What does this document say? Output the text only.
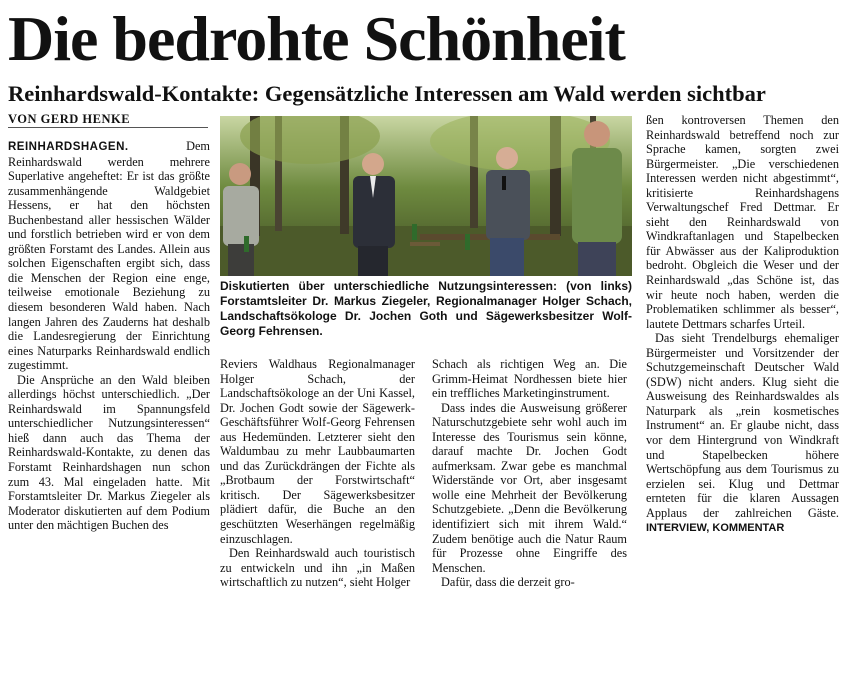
Die bedrohte Schönheit
Reinhardswald-Kontakte: Gegensätzliche Interessen am Wald werden sichtbar
VON GERD HENKE

REINHARDSHAGEN.	Dem Reinhardswald werden mehrere Superlative angeheftet: Er ist das größte zusammenhängende Waldgebiet Hessens, er hat den höchsten Buchenbestand aller hessischen Wälder und forstlich betrieben wird er von dem größten Forstamt des Landes. Allein aus solchen Eigenschaften ergibt sich, dass die Menschen der Region eine enge, teilweise emotionale Beziehung zu diesem besonderen Wald haben. Nach langen Jahren des Zauderns hat deshalb die Landesregierung der Einrichtung eines Naturparks Reinhardswald endlich zugestimmt.

Die Ansprüche an den Wald bleiben allerdings höchst unterschiedlich. „Der Reinhardswald im Spannungsfeld unterschiedlicher Nutzungsinteressen“ hieß dann auch das Thema der Reinhardswald-Kontakte, zu denen das Forstamt Reinhardshagen nun schon zum 43. Mal eingeladen hatte. Mit Forstamtsleiter Dr. Markus Ziegeler als Moderator diskutierten auf dem Podium unter den mächtigen Buchen des

Diskutierten über unterschiedliche Nutzungsinteressen: (von links) Forstamtsleiter Dr. Markus Ziegeler, Regionalmanager Holger Schach, Landschaftsökologe Dr. Jochen Goth und Sägewerksbesitzer Wolf-Georg Fehrensen.

Reviers Waldhaus Regionalmanager Holger Schach, der Landschaftsökologe an der Uni Kassel, Dr. Jochen Godt sowie der Sägewerk-Geschäftsführer Wolf-Georg Fehrensen aus Hedemünden. Letzterer sieht den Waldumbau zu mehr Laubbaumarten und das Zurückdrängen der Fichte als „Brotbaum der Forstwirtschaft“ kritisch. Der Sägewerksbesitzer plädiert dafür, die Buche an den geschützten Weserhängen regelmäßig einzuschlagen.

Den Reinhardswald auch touristisch zu entwickeln und ihn „in Maßen wirtschaftlich zu nutzen“, sieht Holger

Schach als richtigen Weg an. Die Grimm-Heimat Nordhessen biete hier ein treffliches Marketinginstrument.

Dass indes die Ausweisung größerer Naturschutzgebiete sehr wohl auch im Interesse des Tourismus sein könne, darauf machte Dr. Jochen Godt aufmerksam. Zwar gebe es manchmal Widerstände vor Ort, aber insgesamt wolle eine Mehrheit der Bevölkerung Schutzgebiete. „Denn die Bevölkerung identifiziert sich mit ihrem Wald.“ Zudem benötige auch die Natur Raum für Prozesse ohne Eingriffe des Menschen.

Dafür, dass die derzeit gro-

ßen kontroversen Themen den Reinhardswald betreffend noch zur Sprache kamen, sorgten zwei Bürgermeister. „Die verschiedenen Interessen werden nicht abgestimmt“, kritisierte Reinhardshagens Verwaltungschef Fred Dettmar. Er sieht den Reinhardswald von Windkraftanlagen und Stapelbecken für Abwässer aus der Kaliproduktion bedroht. Obgleich die Weser und der Reinhardswald „das Schöne ist, das wir heute noch haben, werden die Problematiken schlimmer als besser“, lautete Dettmars scharfes Urteil.

Das sieht Trendelburgs ehemaliger Bürgermeister und Vorsitzender der Schutzgemeinschaft Deutscher Wald (SDW) nicht anders. Klug sieht die Ausweisung des Reinhardswaldes als Naturpark als „rein kosmetisches Instrument“ an. Er glaube nicht, dass vor dem Hintergrund von Windkraft und Stapelbecken höhere Wertschöpfung aus dem Tourismus zu erzielen sei. Klug und Dettmar ernteten für die klaren Aussagen Applaus der zahlreichen Gäste. INTERVIEW, KOMMENTAR
